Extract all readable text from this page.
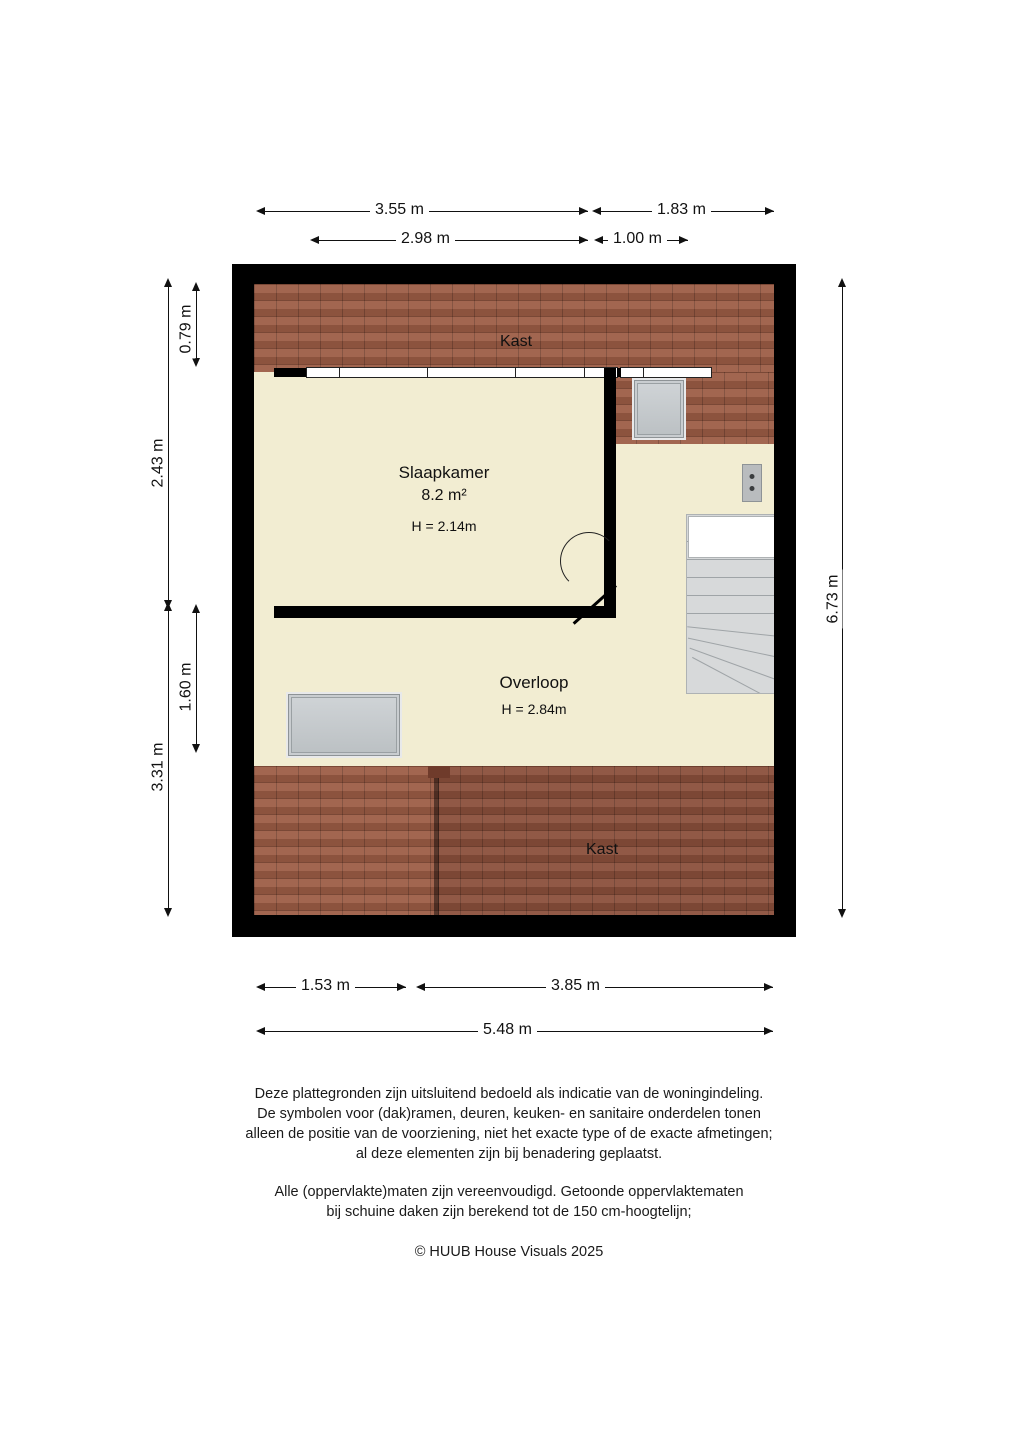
3.55 m	1.83 m
2.98 m	1.00 m
2.43 m
3.31 m
0.79 m
1.60 m
6.73 m
Kast
Slaapkamer
8.2 m²
H = 2.14m
Overloop
H = 2.84m
Kast
1.53 m	3.85 m
5.48 m

Deze plattegronden zijn uitsluitend bedoeld als indicatie van de woningindeling.

De symbolen voor (dak)ramen, deuren, keuken- en sanitaire onderdelen tonen

alleen de positie van de voorziening, niet het exacte type of de exacte afmetingen;

al deze elementen zijn bij benadering geplaatst.

Alle (oppervlakte)maten zijn vereenvoudigd. Getoonde oppervlaktematen

bij schuine daken zijn berekend tot de 150 cm-hoogtelijn;

© HUUB House Visuals 2025
